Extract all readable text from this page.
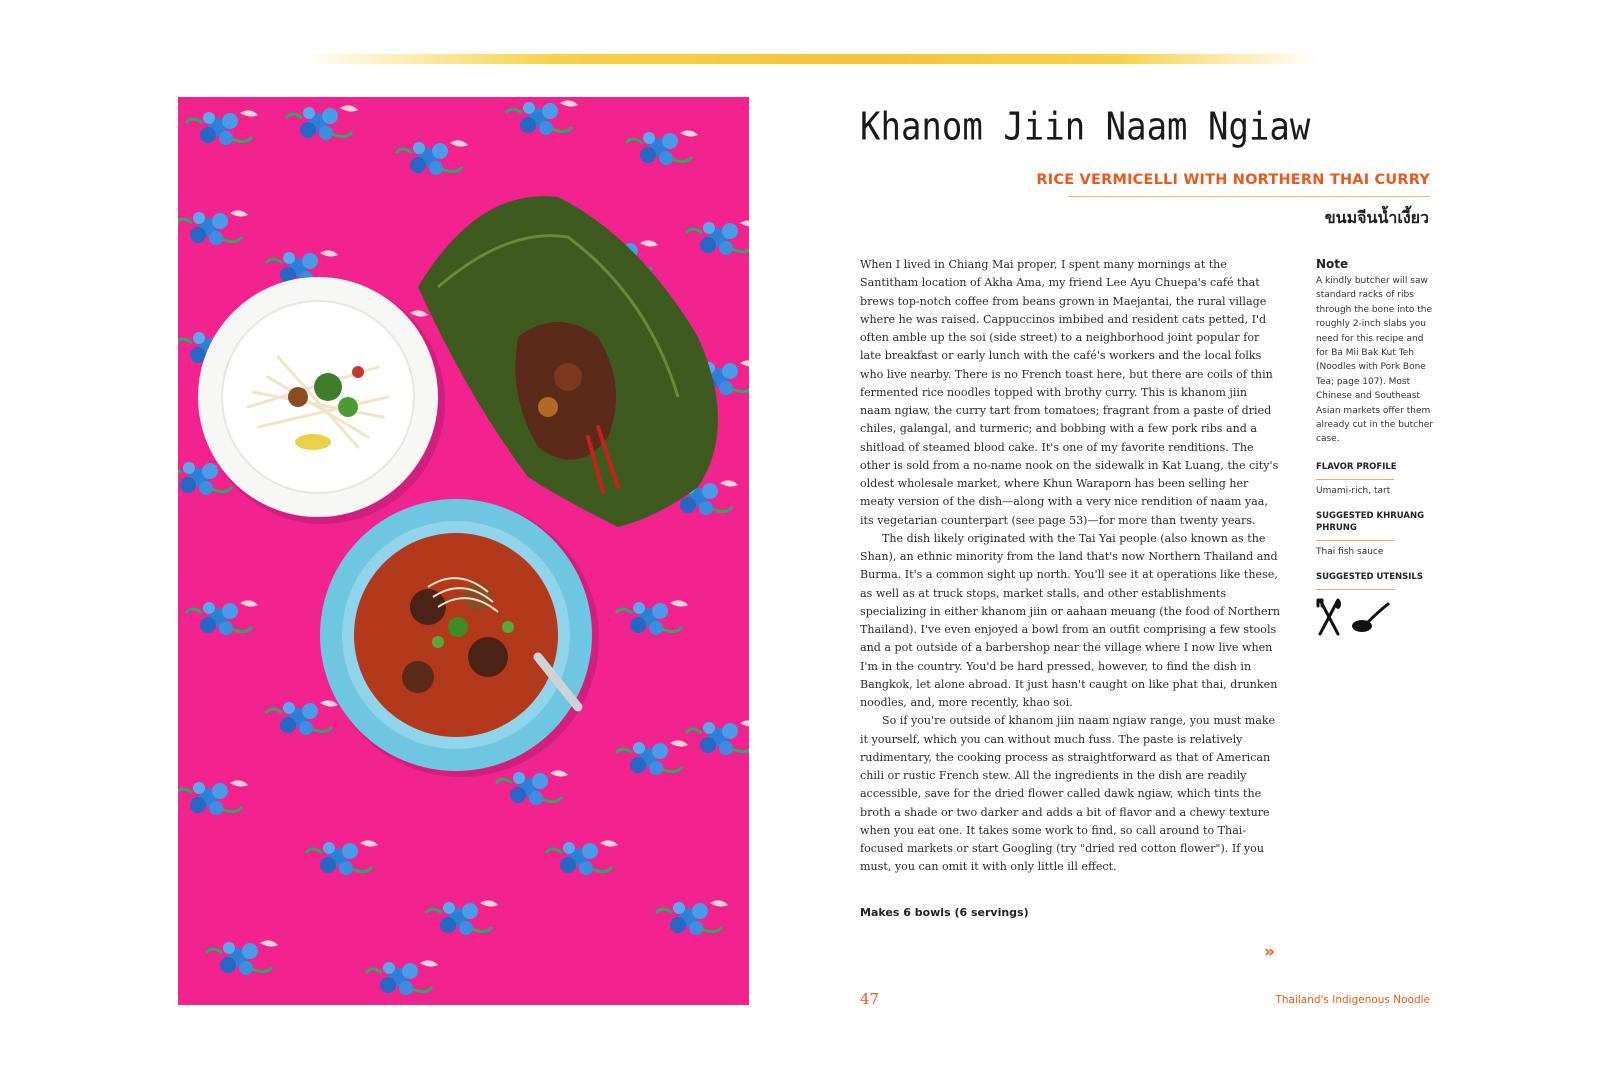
Khanom Jiin Naam Ngiaw
RICE VERMICELLI WITH NORTHERN THAI CURRY
ขนมจีนน้ำเงี้ยว

When I lived in Chiang Mai proper, I spent many mornings at the Santitham location of Akha Ama, my friend Lee Ayu Chuepa's café that brews top-notch coffee from beans grown in Maejantai, the rural village where he was raised. Cappuccinos imbibed and resident cats petted, I'd often amble up the soi (side street) to a neighborhood joint popular for late breakfast or early lunch with the café's workers and the local folks who live nearby. There is no French toast here, but there are coils of thin fermented rice noodles topped with brothy curry. This is khanom jiin naam ngiaw, the curry tart from tomatoes; fragrant from a paste of dried chiles, galangal, and turmeric; and bobbing with a few pork ribs and a shitload of steamed blood cake. It's one of my favorite renditions. The other is sold from a no-name nook on the sidewalk in Kat Luang, the city's oldest wholesale market, where Khun Waraporn has been selling her meaty version of the dish—along with a very nice rendition of naam yaa, its vegetarian counterpart (see page 53)—for more than twenty years.

The dish likely originated with the Tai Yai people (also known as the Shan), an ethnic minority from the land that's now Northern Thailand and Burma. It's a common sight up north. You'll see it at operations like these, as well as at truck stops, market stalls, and other establishments specializing in either khanom jiin or aahaan meuang (the food of Northern Thailand). I've even enjoyed a bowl from an outfit comprising a few stools and a pot outside of a barbershop near the village where I now live when I'm in the country. You'd be hard pressed, however, to find the dish in Bangkok, let alone abroad. It just hasn't caught on like phat thai, drunken noodles, and, more recently, khao soi.

So if you're outside of khanom jiin naam ngiaw range, you must make it yourself, which you can without much fuss. The paste is relatively rudimentary, the cooking process as straightforward as that of American chili or rustic French stew. All the ingredients in the dish are readily accessible, save for the dried flower called dawk ngiaw, which tints the broth a shade or two darker and adds a bit of flavor and a chewy texture when you eat one. It takes some work to find, so call around to Thai-focused markets or start Googling (try "dried red cotton flower"). If you must, you can omit it with only little ill effect.

Makes 6 bowls (6 servings)
»
Note
A kindly butcher will saw standard racks of ribs through the bone into the roughly 2-inch slabs you need for this recipe and for Ba Mii Bak Kut Teh (Noodles with Pork Bone Tea; page 107). Most Chinese and Southeast Asian markets offer them already cut in the butcher case.
FLAVOR PROFILE
Umami-rich, tart
SUGGESTED KHRUANG PHRUNG
Thai fish sauce
SUGGESTED UTENSILS
47	Thailand's Indigenous Noodle
